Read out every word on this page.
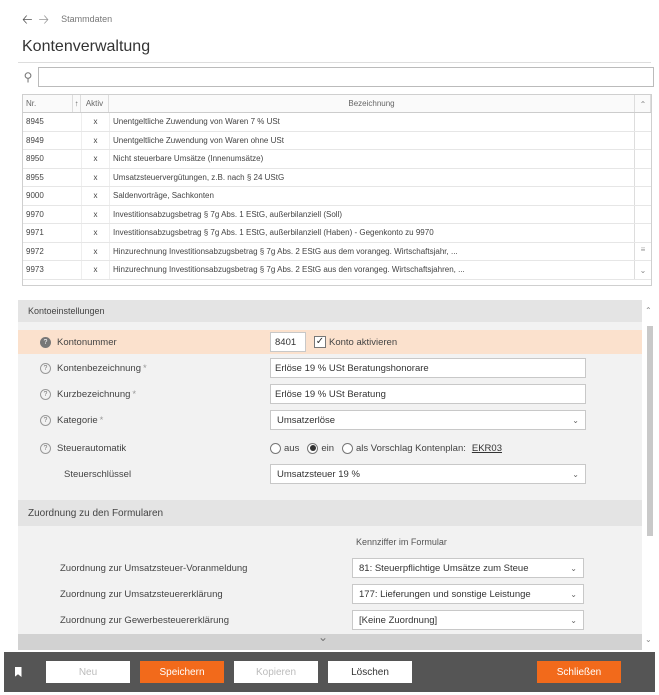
🡠 🡢 Stammdaten
Kontenverwaltung
⚲
Nr.	↑ Aktiv	Bezeichnung
8945	x	Unentgeltliche Zuwendung von Waren 7 % USt
8949	x	Unentgeltliche Zuwendung von Waren ohne USt
8950	x	Nicht steuerbare Umsätze (Innenumsätze)
8955	x	Umsatzsteuervergütungen, z.B. nach § 24 UStG
9000	x	Saldenvorträge, Sachkonten
9970	x	Investitionsabzugsbetrag § 7g Abs. 1 EStG, außerbilanziell (Soll)
9971	x	Investitionsabzugsbetrag § 7g Abs. 1 EStG, außerbilanziell (Haben) - Gegenkonto zu 9970
9972	x	Hinzurechnung Investitionsabzugsbetrag § 7g Abs. 2 EStG aus dem vorangeg. Wirtschaftsjahr, ...
9973	x	Hinzurechnung Investitionsabzugsbetrag § 7g Abs. 2 EStG aus den vorangeg. Wirtschaftsjahren, ...
⌃
≡
⌄
Kontoeinstellungen	⌃
⌄
?	Kontonummer	8401	✓ Konto aktivieren
?	Kontenbezeichnung *	Erlöse 19 % USt Beratungshonorare
?	Kurzbezeichnung *	Erlöse 19 % USt Beratung
?	Kategorie *	Umsatzerlöse	⌄
?	Steuerautomatik	aus ein als Vorschlag Kontenplan: EKR03
Steuerschlüssel	Umsatzsteuer 19 %	⌄
Zuordnung zu den Formularen
Kennziffer im Formular
Zuordnung zur Umsatzsteuer-Voranmeldung	81: Steuerpflichtige Umsätze zum Steue	⌄
Zuordnung zur Umsatzsteuererklärung	177: Lieferungen und sonstige Leistunge	⌄
Zuordnung zur Gewerbesteuererklärung	[Keine Zuordnung]	⌄
⌄
Neu	Speichern	Kopieren	Löschen	Schließen
